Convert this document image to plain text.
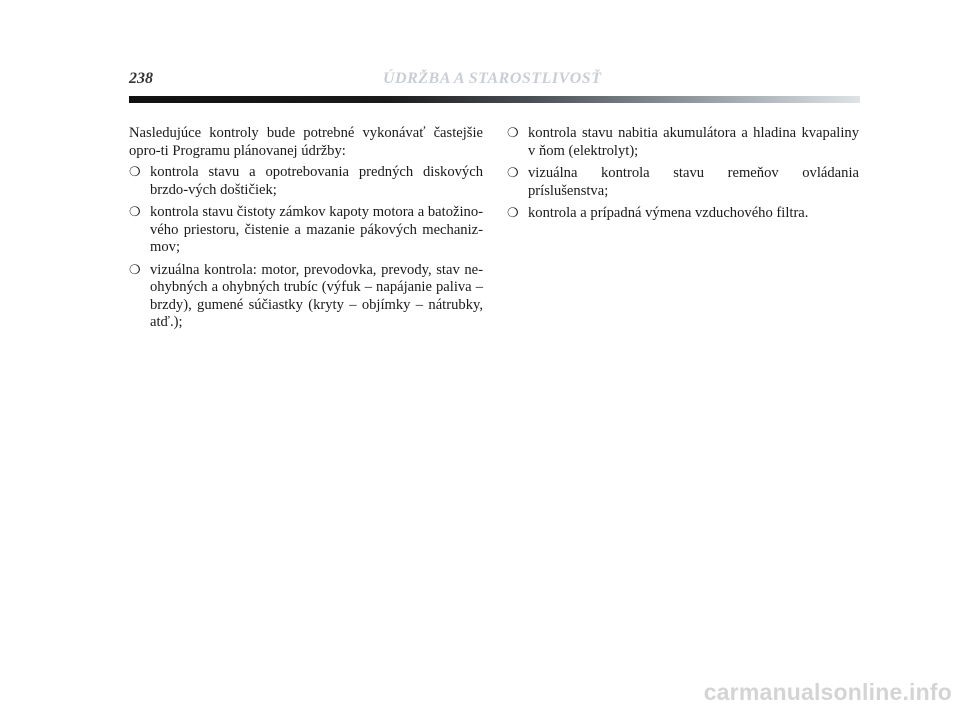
238	ÚDRŽBA A STAROSTLIVOSŤ

Nasledujúce kontroly bude potrebné vykonávať častejšie opro-ti Programu plánovanej údržby:

❍ kontrola stavu a opotrebovania predných diskových brzdo-vých doštičiek;
❍ kontrola stavu čistoty zámkov kapoty motora a batožino-vého priestoru, čistenie a mazanie pákových mechaniz-mov;
❍ vizuálna kontrola: motor, prevodovka, prevody, stav ne-ohybných a ohybných trubíc (výfuk – napájanie paliva – brzdy), gumené súčiastky (kryty – objímky – nátrubky, atď.);
❍ kontrola stavu nabitia akumulátora a hladina kvapaliny v ňom (elektrolyt);
❍ vizuálna kontrola stavu remeňov ovládania príslušenstva;
❍ kontrola a prípadná výmena vzduchového filtra.
carmanualsonline.info
